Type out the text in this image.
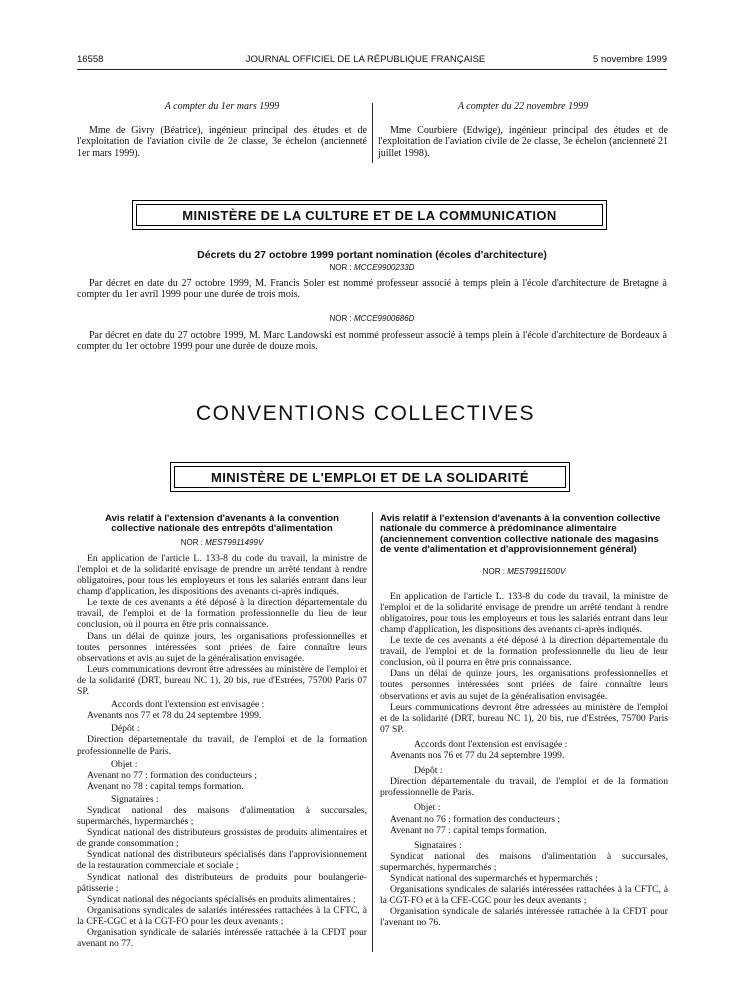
16558	JOURNAL OFFICIEL DE LA RÉPUBLIQUE FRANÇAISE	5 novembre 1999
A compter du 1er mars 1999
Mme de Givry (Béatrice), ingénieur principal des études et de l'exploitation de l'aviation civile de 2e classe, 3e échelon (ancienneté 1er mars 1999).
A compter du 22 novembre 1999
Mme Courbiere (Edwige), ingénieur principal des études et de l'exploitation de l'aviation civile de 2e classe, 3e échelon (ancienneté 21 juillet 1998).
MINISTÈRE DE LA CULTURE ET DE LA COMMUNICATION
Décrets du 27 octobre 1999 portant nomination (écoles d'architecture)
NOR : MCCE9900233D
Par décret en date du 27 octobre 1999, M. Francis Soler est nommé professeur associé à temps plein à l'école d'architecture de Bretagne à compter du 1er avril 1999 pour une durée de trois mois.
NOR : MCCE9900686D
Par décret en date du 27 octobre 1999, M. Marc Landowski est nommé professeur associé à temps plein à l'école d'architecture de Bordeaux à compter du 1er octobre 1999 pour une durée de douze mois.
CONVENTIONS COLLECTIVES
MINISTÈRE DE L'EMPLOI ET DE LA SOLIDARITÉ

Avis relatif à l'extension d'avenants à la convention

collective nationale des entrepôts d'alimentation

NOR : MEST9911499V

En application de l'article L. 133-8 du code du travail, la ministre de l'emploi et de la solidarité envisage de prendre un arrêté tendant à rendre obligatoires, pour tous les employeurs et tous les salariés entrant dans leur champ d'application, les dispositions des avenants ci-après indiqués.

Le texte de ces avenants a été déposé à la direction départementale du travail, de l'emploi et de la formation professionnelle du lieu de leur conclusion, où il pourra en être pris connaissance.

Dans un délai de quinze jours, les organisations professionnelles et toutes personnes intéressées sont priées de faire connaître leurs observations et avis au sujet de la généralisation envisagée.

Leurs communications devront être adressées au ministère de l'emploi et de la solidarité (DRT, bureau NC 1), 20 bis, rue d'Estrées, 75700 Paris 07 SP.

Accords dont l'extension est envisagée :

Avenants nos 77 et 78 du 24 septembre 1999.

Dépôt :

Direction départementale du travail, de l'emploi et de la formation professionnelle de Paris.

Objet :

Avenant no 77 : formation des conducteurs ;

Avenant no 78 : capital temps formation.

Signataires :

Syndicat national des maisons d'alimentation à succursales, supermarchés, hypermarchés ;

Syndicat national des distributeurs grossistes de produits alimentaires et de grande consommation ;

Syndicat national des distributeurs spécialisés dans l'approvisionnement de la restauration commerciale et sociale ;

Syndicat national des distributeurs de produits pour boulangerie-pâtisserie ;

Syndicat national des négociants spécialisés en produits alimentaires ;

Organisations syndicales de salariés intéressées rattachées à la CFTC, à la CFE-CGC et à la CGT-FO pour les deux avenants ;

Organisation syndicale de salariés intéressée rattachée à la CFDT pour avenant no 77.

Avis relatif à l'extension d'avenants à la convention collective nationale du commerce à prédominance alimentaire (anciennement convention collective nationale des magasins de vente d'alimentation et d'approvisionnement général)

NOR : MEST9911500V

En application de l'article L. 133-8 du code du travail, la ministre de l'emploi et de la solidarité envisage de prendre un arrêté tendant à rendre obligatoires, pour tous les employeurs et tous les salariés entrant dans leur champ d'application, les dispositions des avenants ci-après indiqués.

Le texte de ces avenants a été déposé à la direction départementale du travail, de l'emploi et de la formation professionnelle du lieu de leur conclusion, où il pourra en être pris connaissance.

Dans un délai de quinze jours, les organisations professionnelles et toutes personnes intéressées sont priées de faire connaître leurs observations et avis au sujet de la généralisation envisagée.

Leurs communications devront être adressées au ministère de l'emploi et de la solidarité (DRT, bureau NC 1), 20 bis, rue d'Estrées, 75700 Paris 07 SP.

Accords dont l'extension est envisagée :

Avenants nos 76 et 77 du 24 septembre 1999.

Dépôt :

Direction départementale du travail, de l'emploi et de la formation professionnelle de Paris.

Objet :

Avenant no 76 : formation des conducteurs ;

Avenant no 77 : capital temps formation.

Signataires :

Syndicat national des maisons d'alimentation à succursales, supermarchés, hypermarchés ;

Syndicat national des supermarchés et hypermarchés ;

Organisations syndicales de salariés intéressées rattachées à la CFTC, à la CGT-FO et à la CFE-CGC pour les deux avenants ;

Organisation syndicale de salariés intéressée rattachée à la CFDT pour l'avenant no 76.
